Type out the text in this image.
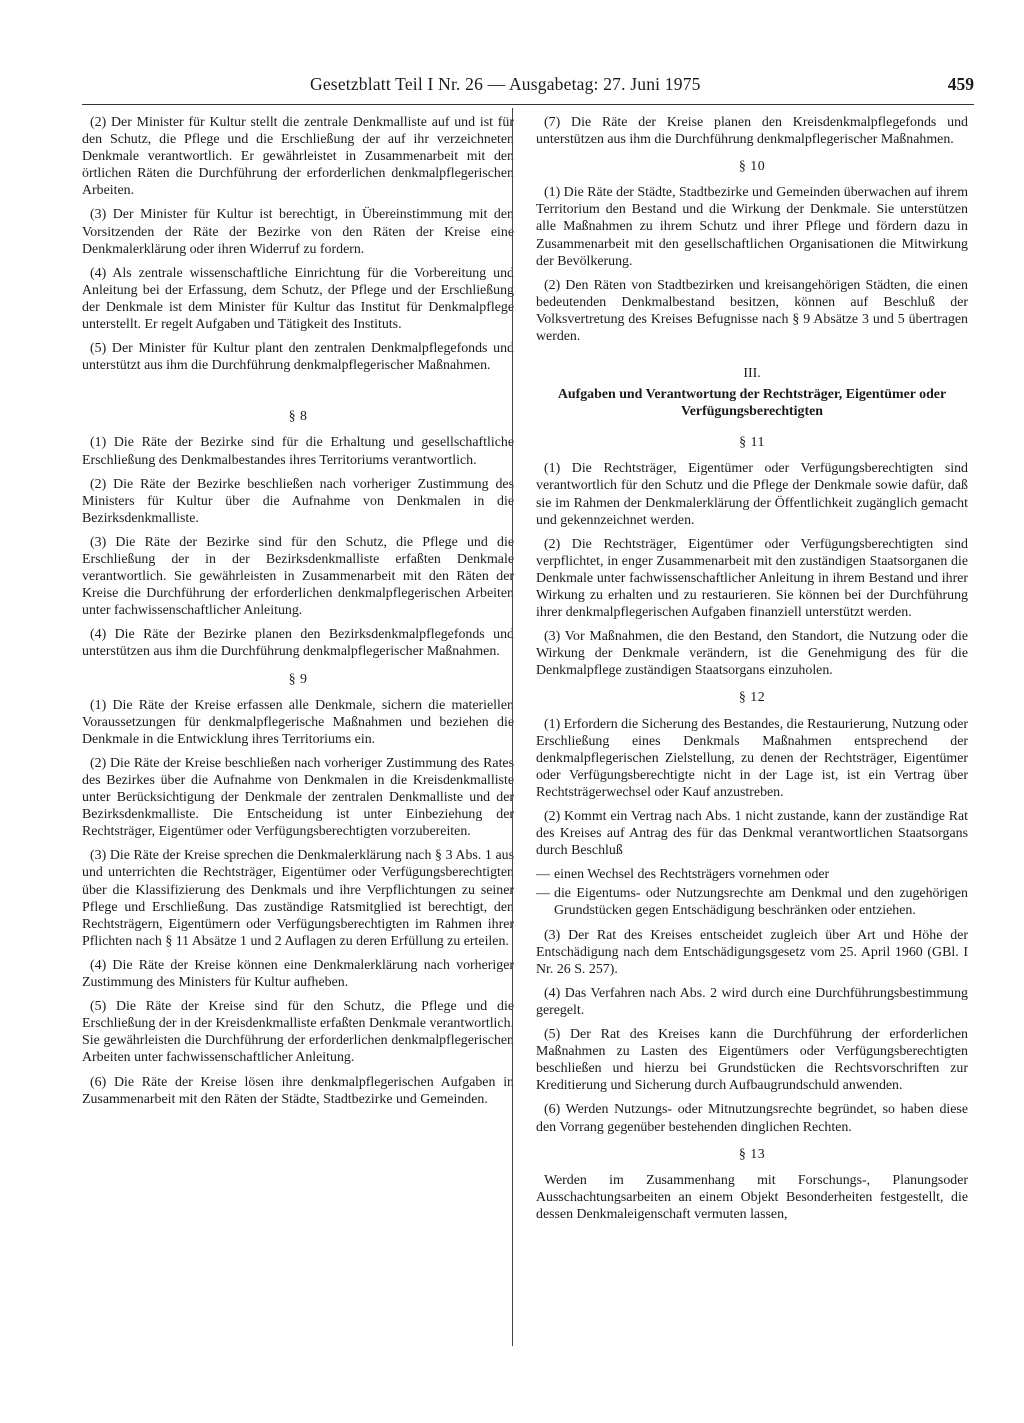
Gesetzblatt Teil I Nr. 26 — Ausgabetag: 27. Juni 1975	459

(2) Der Minister für Kultur stellt die zentrale Denkmalliste auf und ist für den Schutz, die Pflege und die Erschließung der auf ihr verzeichneten Denkmale verantwortlich. Er gewährleistet in Zusammenarbeit mit den örtlichen Räten die Durchführung der erforderlichen denkmalpflegerischen Arbeiten.

(3) Der Minister für Kultur ist berechtigt, in Übereinstimmung mit den Vorsitzenden der Räte der Bezirke von den Räten der Kreise eine Denkmalerklärung oder ihren Widerruf zu fordern.

(4) Als zentrale wissenschaftliche Einrichtung für die Vorbereitung und Anleitung bei der Erfassung, dem Schutz, der Pflege und der Erschließung der Denkmale ist dem Minister für Kultur das Institut für Denkmalpflege unterstellt. Er regelt Aufgaben und Tätigkeit des Instituts.

(5) Der Minister für Kultur plant den zentralen Denkmalpflegefonds und unterstützt aus ihm die Durchführung denkmalpflegerischer Maßnahmen.

§ 8

(1) Die Räte der Bezirke sind für die Erhaltung und gesellschaftliche Erschließung des Denkmalbestandes ihres Territoriums verantwortlich.

(2) Die Räte der Bezirke beschließen nach vorheriger Zustimmung des Ministers für Kultur über die Aufnahme von Denkmalen in die Bezirksdenkmalliste.

(3) Die Räte der Bezirke sind für den Schutz, die Pflege und die Erschließung der in der Bezirksdenkmalliste erfaßten Denkmale verantwortlich. Sie gewährleisten in Zusammenarbeit mit den Räten der Kreise die Durchführung der erforderlichen denkmalpflegerischen Arbeiten unter fachwissenschaftlicher Anleitung.

(4) Die Räte der Bezirke planen den Bezirksdenkmalpflegefonds und unterstützen aus ihm die Durchführung denkmalpflegerischer Maßnahmen.

§ 9

(1) Die Räte der Kreise erfassen alle Denkmale, sichern die materiellen Voraussetzungen für denkmalpflegerische Maßnahmen und beziehen die Denkmale in die Entwicklung ihres Territoriums ein.

(2) Die Räte der Kreise beschließen nach vorheriger Zustimmung des Rates des Bezirkes über die Aufnahme von Denkmalen in die Kreisdenkmalliste unter Berücksichtigung der Denkmale der zentralen Denkmalliste und der Bezirksdenkmalliste. Die Entscheidung ist unter Einbeziehung der Rechtsträger, Eigentümer oder Verfügungsberechtigten vorzubereiten.

(3) Die Räte der Kreise sprechen die Denkmalerklärung nach § 3 Abs. 1 aus und unterrichten die Rechtsträger, Eigentümer oder Verfügungsberechtigten über die Klassifizierung des Denkmals und ihre Verpflichtungen zu seiner Pflege und Erschließung. Das zuständige Ratsmitglied ist berechtigt, den Rechtsträgern, Eigentümern oder Verfügungsberechtigten im Rahmen ihrer Pflichten nach § 11 Absätze 1 und 2 Auflagen zu deren Erfüllung zu erteilen.

(4) Die Räte der Kreise können eine Denkmalerklärung nach vorheriger Zustimmung des Ministers für Kultur aufheben.

(5) Die Räte der Kreise sind für den Schutz, die Pflege und die Erschließung der in der Kreisdenkmalliste erfaßten Denkmale verantwortlich. Sie gewährleisten die Durchführung der erforderlichen denkmalpflegerischen Arbeiten unter fachwissenschaftlicher Anleitung.

(6) Die Räte der Kreise lösen ihre denkmalpflegerischen Aufgaben in Zusammenarbeit mit den Räten der Städte, Stadtbezirke und Gemeinden.

(7) Die Räte der Kreise planen den Kreisdenkmalpflegefonds und unterstützen aus ihm die Durchführung denkmalpflegerischer Maßnahmen.

§ 10

(1) Die Räte der Städte, Stadtbezirke und Gemeinden überwachen auf ihrem Territorium den Bestand und die Wirkung der Denkmale. Sie unterstützen alle Maßnahmen zu ihrem Schutz und ihrer Pflege und fördern dazu in Zusammenarbeit mit den gesellschaftlichen Organisationen die Mitwirkung der Bevölkerung.

(2) Den Räten von Stadtbezirken und kreisangehörigen Städten, die einen bedeutenden Denkmalbestand besitzen, können auf Beschluß der Volksvertretung des Kreises Befugnisse nach § 9 Absätze 3 und 5 übertragen werden.

III.

Aufgaben und Verantwortung der Rechtsträger, Eigentümer oder Verfügungsberechtigten

§ 11

(1) Die Rechtsträger, Eigentümer oder Verfügungsberechtigten sind verantwortlich für den Schutz und die Pflege der Denkmale sowie dafür, daß sie im Rahmen der Denkmalerklärung der Öffentlichkeit zugänglich gemacht und gekennzeichnet werden.

(2) Die Rechtsträger, Eigentümer oder Verfügungsberechtigten sind verpflichtet, in enger Zusammenarbeit mit den zuständigen Staatsorganen die Denkmale unter fachwissenschaftlicher Anleitung in ihrem Bestand und ihrer Wirkung zu erhalten und zu restaurieren. Sie können bei der Durchführung ihrer denkmalpflegerischen Aufgaben finanziell unterstützt werden.

(3) Vor Maßnahmen, die den Bestand, den Standort, die Nutzung oder die Wirkung der Denkmale verändern, ist die Genehmigung des für die Denkmalpflege zuständigen Staatsorgans einzuholen.

§ 12

(1) Erfordern die Sicherung des Bestandes, die Restaurierung, Nutzung oder Erschließung eines Denkmals Maßnahmen entsprechend der denkmalpflegerischen Zielstellung, zu denen der Rechtsträger, Eigentümer oder Verfügungsberechtigte nicht in der Lage ist, ist ein Vertrag über Rechtsträgerwechsel oder Kauf anzustreben.

(2) Kommt ein Vertrag nach Abs. 1 nicht zustande, kann der zuständige Rat des Kreises auf Antrag des für das Denkmal verantwortlichen Staatsorgans durch Beschluß

— einen Wechsel des Rechtsträgers vornehmen oder
— die Eigentums- oder Nutzungsrechte am Denkmal und den zugehörigen Grundstücken gegen Entschädigung beschränken oder entziehen.

(3) Der Rat des Kreises entscheidet zugleich über Art und Höhe der Entschädigung nach dem Entschädigungsgesetz vom 25. April 1960 (GBl. I Nr. 26 S. 257).

(4) Das Verfahren nach Abs. 2 wird durch eine Durchführungsbestimmung geregelt.

(5) Der Rat des Kreises kann die Durchführung der erforderlichen Maßnahmen zu Lasten des Eigentümers oder Verfügungsberechtigten beschließen und hierzu bei Grundstücken die Rechtsvorschriften zur Kreditierung und Sicherung durch Aufbaugrundschuld anwenden.

(6) Werden Nutzungs- oder Mitnutzungsrechte begründet, so haben diese den Vorrang gegenüber bestehenden dinglichen Rechten.

§ 13

Werden im Zusammenhang mit Forschungs-, Planungsoder Ausschachtungsarbeiten an einem Objekt Besonderheiten festgestellt, die dessen Denkmaleigenschaft vermuten lassen,
